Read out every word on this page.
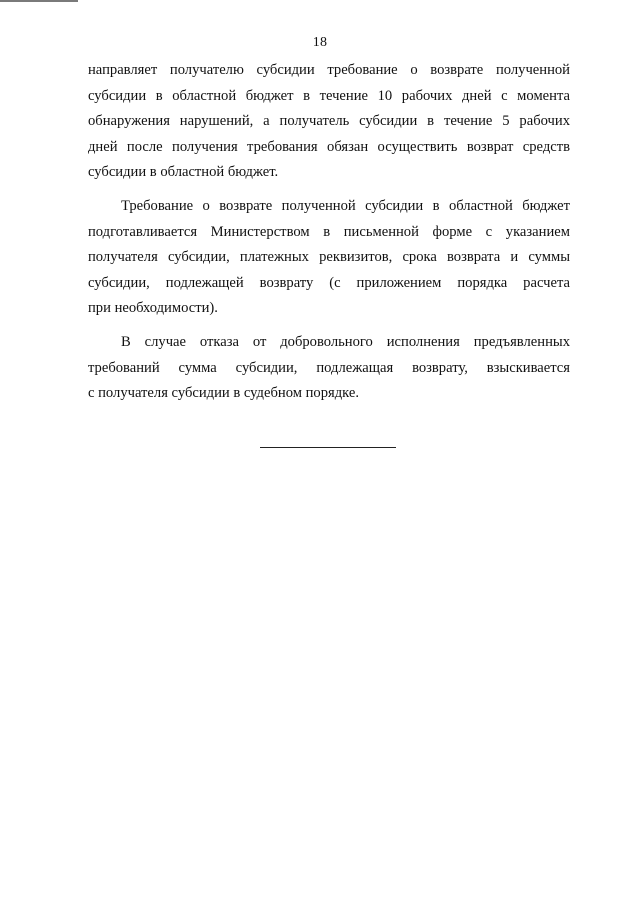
18

направляет получателю субсидии требование о возврате полученной
субсидии в областной бюджет в течение 10 рабочих дней с момента
обнаружения нарушений, а получатель субсидии в течение 5 рабочих
дней после получения требования обязан осуществить возврат средств
субсидии в областной бюджет.

Требование о возврате полученной субсидии в областной бюджет
подготавливается Министерством в письменной форме с указанием
получателя субсидии, платежных реквизитов, срока возврата и суммы
субсидии, подлежащей возврату (с приложением порядка расчета
при необходимости).

В случае отказа от добровольного исполнения предъявленных
требований сумма субсидии, подлежащая возврату, взыскивается
с получателя субсидии в судебном порядке.
